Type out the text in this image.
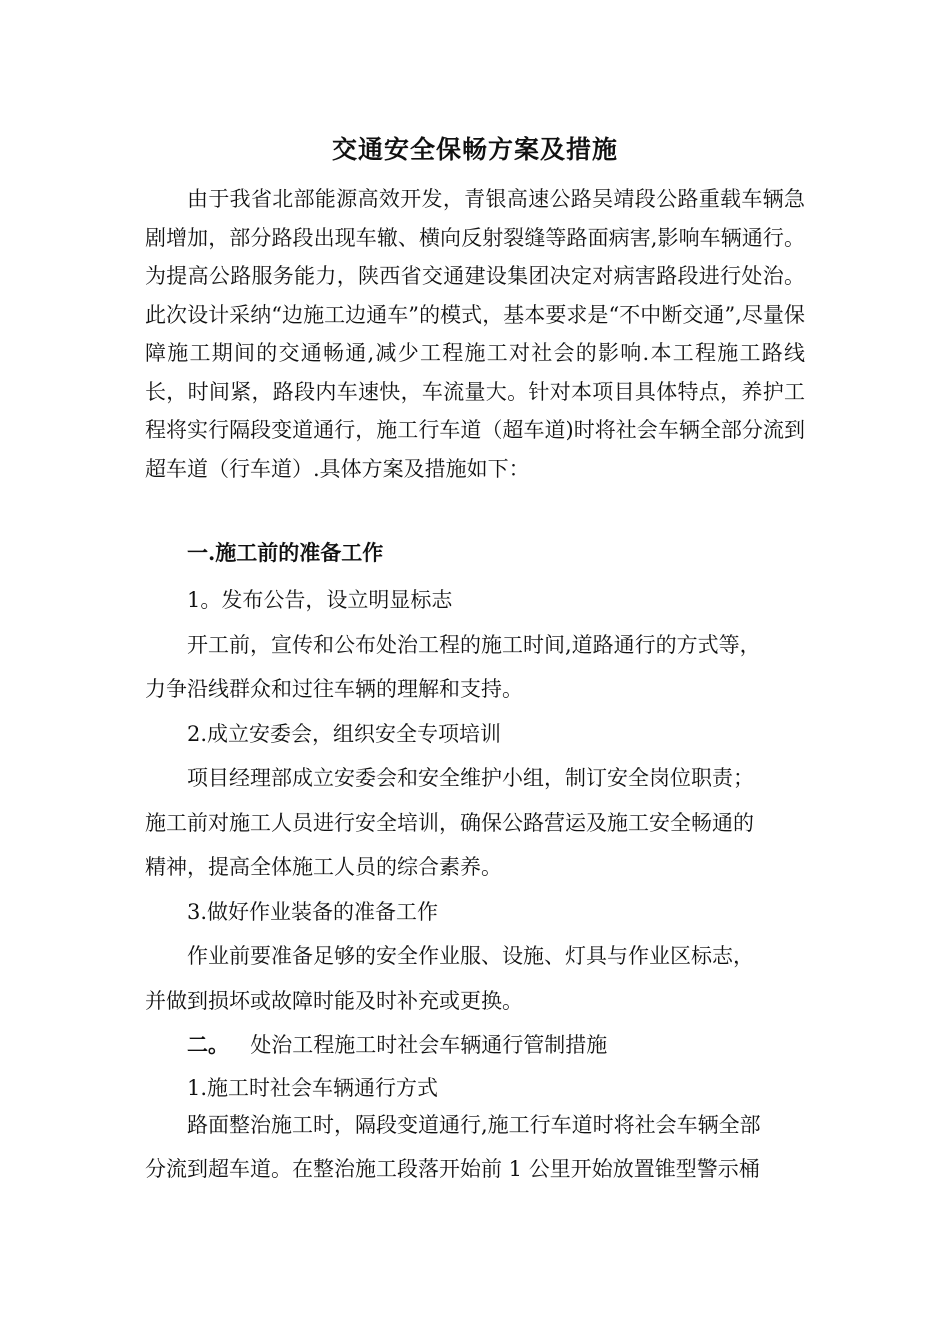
交通安全保畅方案及措施

由于我省北部能源高效开发，青银高速公路吴靖段公路重载车辆急剧增加，部分路段出现车辙、横向反射裂缝等路面病害,影响车辆通行。为提高公路服务能力，陕西省交通建设集团决定对病害路段进行处治。此次设计采纳“边施工边通车”的模式，基本要求是“不中断交通”,尽量保障施工期间的交通畅通,减少工程施工对社会的影响.本工程施工路线长，时间紧，路段内车速快，车流量大。针对本项目具体特点，养护工程将实行隔段变道通行，施工行车道（超车道)时将社会车辆全部分流到超车道（行车道）.具体方案及措施如下：

一.施工前的准备工作
1。发布公告，设立明显标志
开工前，宣传和公布处治工程的施工时间,道路通行的方式等，
力争沿线群众和过往车辆的理解和支持。
2.成立安委会，组织安全专项培训
项目经理部成立安委会和安全维护小组，制订安全岗位职责；
施工前对施工人员进行安全培训，确保公路营运及施工安全畅通的
精神，提高全体施工人员的综合素养。
3.做好作业装备的准备工作
作业前要准备足够的安全作业服、设施、灯具与作业区标志，
并做到损坏或故障时能及时补充或更换。
二。 处治工程施工时社会车辆通行管制措施
1.施工时社会车辆通行方式
路面整治施工时，隔段变道通行,施工行车道时将社会车辆全部
分流到超车道。在整治施工段落开始前 1 公里开始放置锥型警示桶
